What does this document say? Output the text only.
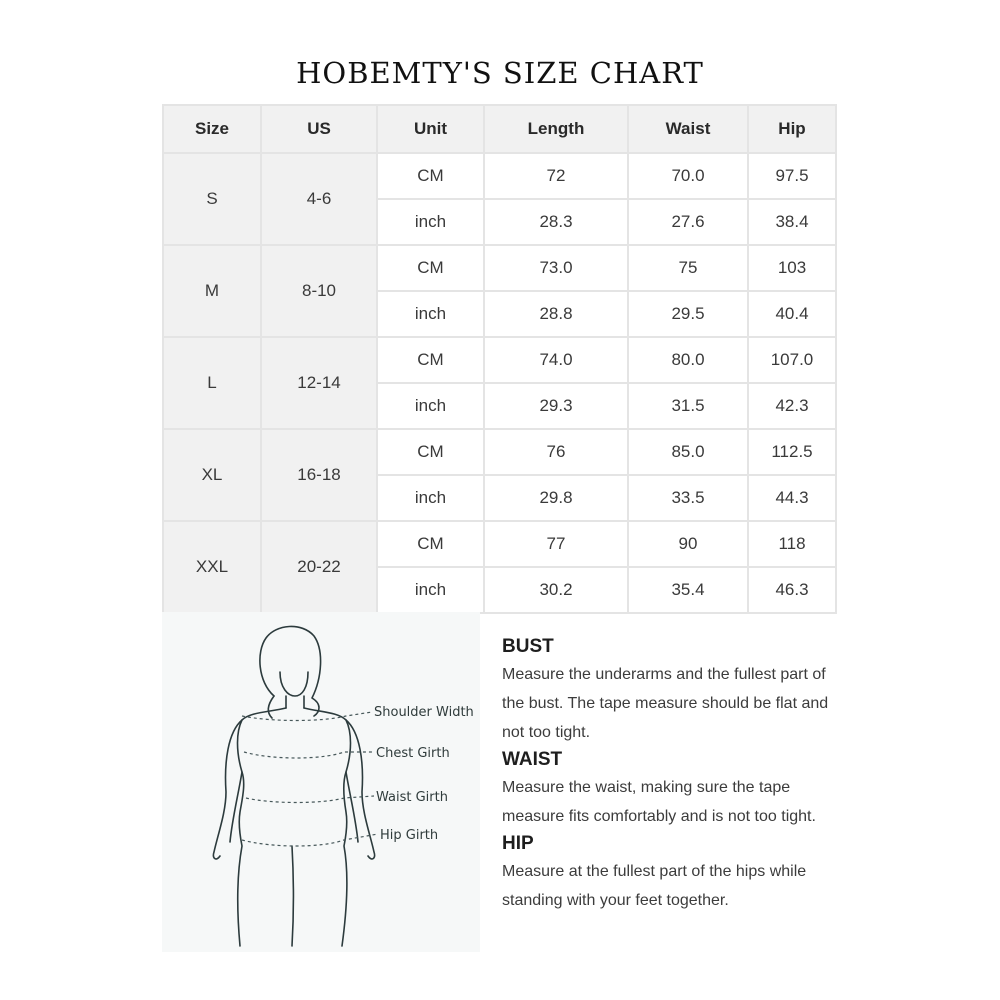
HOBEMTY'S SIZE CHART
Size	US	Unit	Length	Waist	Hip
S	4-6	CM	72	70.0	97.5
		inch	28.3	27.6	38.4
M	8-10	CM	73.0	75	103
		inch	28.8	29.5	40.4
L	12-14	CM	74.0	80.0	107.0
		inch	29.3	31.5	42.3
XL	16-18	CM	76	85.0	112.5
		inch	29.8	33.5	44.3
XXL	20-22	CM	77	90	118
		inch	30.2	35.4	46.3
Shoulder Width
Chest Girth
Waist Girth
Hip Girth
BUST
Measure the underarms and the fullest part of
the bust. The tape measure should be flat and
not too tight.
WAIST
Measure the waist, making sure the tape
measure fits comfortably and is not too tight.
HIP
Measure at the fullest part of the hips while
standing with your feet together.
